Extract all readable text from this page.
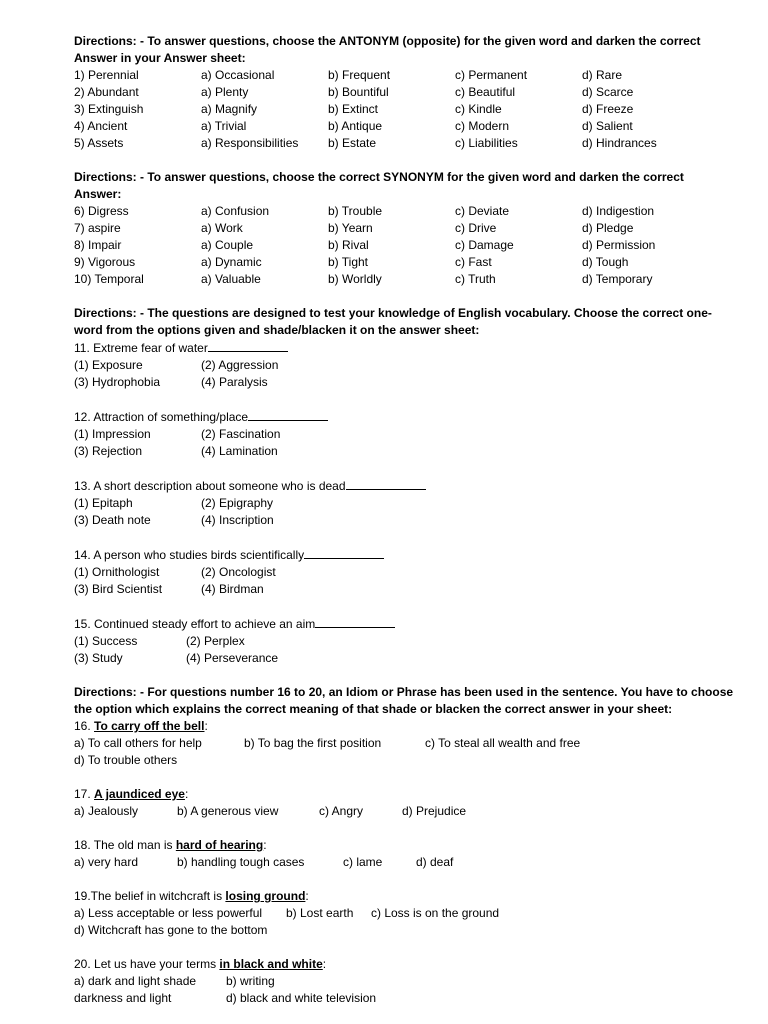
Directions: - To answer questions, choose the ANTONYM (opposite) for the given word and darken the correct
Answer in your Answer sheet:

1) Perennial	a) Occasional	b) Frequent	c) Permanent	d) Rare
2) Abundant	a) Plenty	b) Bountiful	c) Beautiful	d) Scarce
3) Extinguish	a) Magnify	b) Extinct	c) Kindle	d) Freeze
4) Ancient	a) Trivial	b) Antique	c) Modern	d) Salient
5) Assets	a) Responsibilities	b) Estate	c) Liabilities	d) Hindrances

Directions: - To answer questions, choose the correct SYNONYM for the given word and darken the correct
Answer:

6) Digress	a) Confusion	b) Trouble	c) Deviate	d) Indigestion
7) aspire	a) Work	b) Yearn	c) Drive	d) Pledge
8) Impair	a) Couple	b) Rival	c) Damage	d) Permission
9) Vigorous	a) Dynamic	b) Tight	c) Fast	d) Tough
10) Temporal	a) Valuable	b) Worldly	c) Truth	d) Temporary

Directions: - The questions are designed to test your knowledge of English vocabulary. Choose the correct one-
word from the options given and shade/blacken it on the answer sheet:

11. Extreme fear of water
(1) Exposure	(2) Aggression
(3) Hydrophobia	(4) Paralysis
12. Attraction of something/place
(1) Impression	(2) Fascination
(3) Rejection	(4) Lamination
13. A short description about someone who is dead
(1) Epitaph	(2) Epigraphy
(3) Death note	(4) Inscription
14. A person who studies birds scientifically
(1) Ornithologist	(2) Oncologist
(3) Bird Scientist	(4) Birdman
15. Continued steady effort to achieve an aim
(1) Success	(2) Perplex
(3) Study	(4) Perseverance

Directions: - For questions number 16 to 20, an Idiom or Phrase has been used in the sentence. You have to choose
the option which explains the correct meaning of that shade or blacken the correct answer in your sheet:

16. To carry off the bell:
a) To call others for help	b) To bag the first position	c) To steal all wealth and free
d) To trouble others
17. A jaundiced eye:
a) Jealously	b) A generous view	c) Angry	d) Prejudice
18. The old man is hard of hearing:
a) very hard	b) handling tough cases	c) lame	d) deaf
19.The belief in witchcraft is losing ground:
a) Less acceptable or less powerful	b) Lost earth	c) Loss is on the ground
d) Witchcraft has gone to the bottom
20. Let us have your terms in black and white:
a) dark and light shade	b) writing
darkness and light	d) black and white television
